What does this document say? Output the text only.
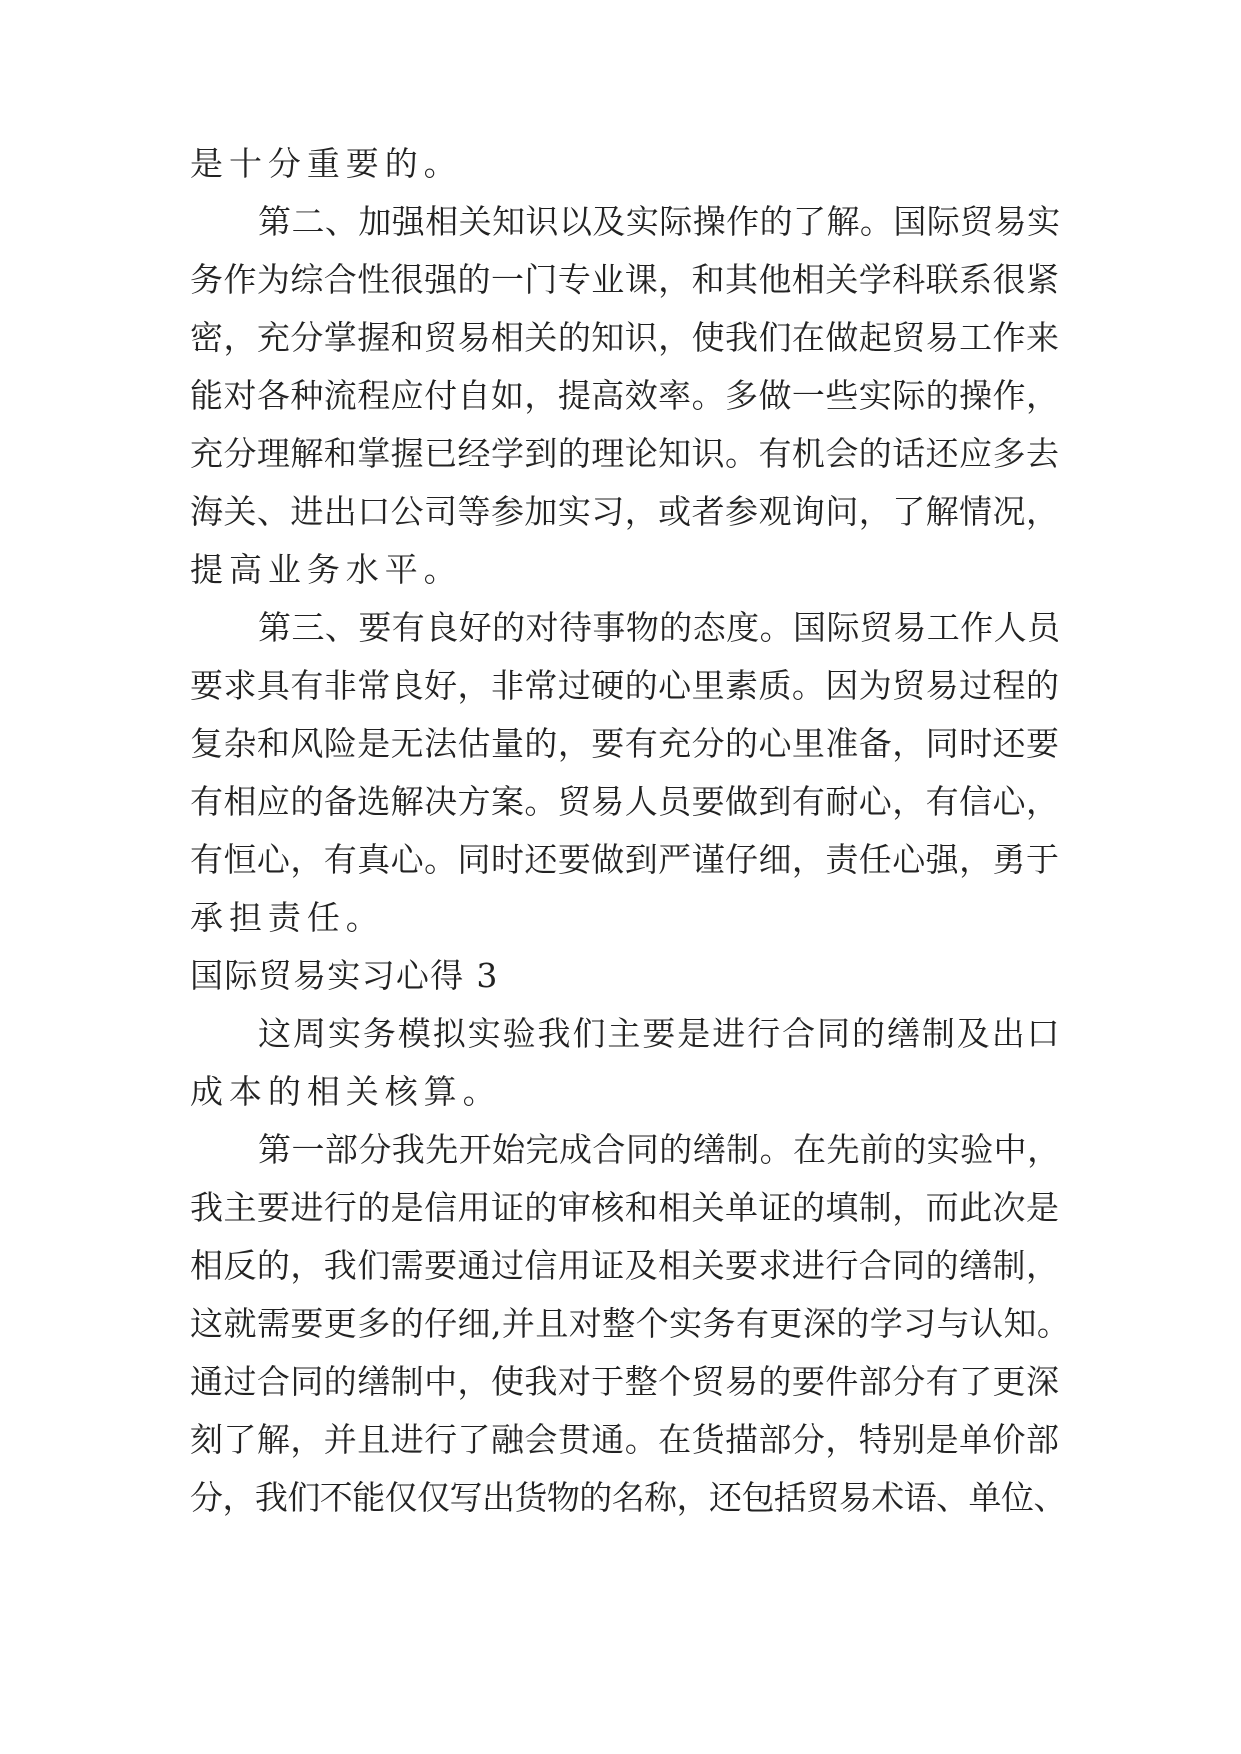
是十分重要的。
第二、加强相关知识以及实际操作的了解。国际贸易实
务作为综合性很强的一门专业课，和其他相关学科联系很紧
密，充分掌握和贸易相关的知识，使我们在做起贸易工作来
能对各种流程应付自如，提高效率。多做一些实际的操作，
充分理解和掌握已经学到的理论知识。有机会的话还应多去
海关、进出口公司等参加实习，或者参观询问，了解情况，
提高业务水平。
第三、要有良好的对待事物的态度。国际贸易工作人员
要求具有非常良好，非常过硬的心里素质。因为贸易过程的
复杂和风险是无法估量的，要有充分的心里准备，同时还要
有相应的备选解决方案。贸易人员要做到有耐心，有信心，
有恒心，有真心。同时还要做到严谨仔细，责任心强，勇于
承担责任。
国际贸易实习心得 3
这周实务模拟实验我们主要是进行合同的缮制及出口
成本的相关核算。
第一部分我先开始完成合同的缮制。在先前的实验中，
我主要进行的是信用证的审核和相关单证的填制，而此次是
相反的，我们需要通过信用证及相关要求进行合同的缮制，
这就需要更多的仔细,并且对整个实务有更深的学习与认知。
通过合同的缮制中，使我对于整个贸易的要件部分有了更深
刻了解，并且进行了融会贯通。在货描部分，特别是单价部
分，我们不能仅仅写出货物的名称，还包括贸易术语、单位、
